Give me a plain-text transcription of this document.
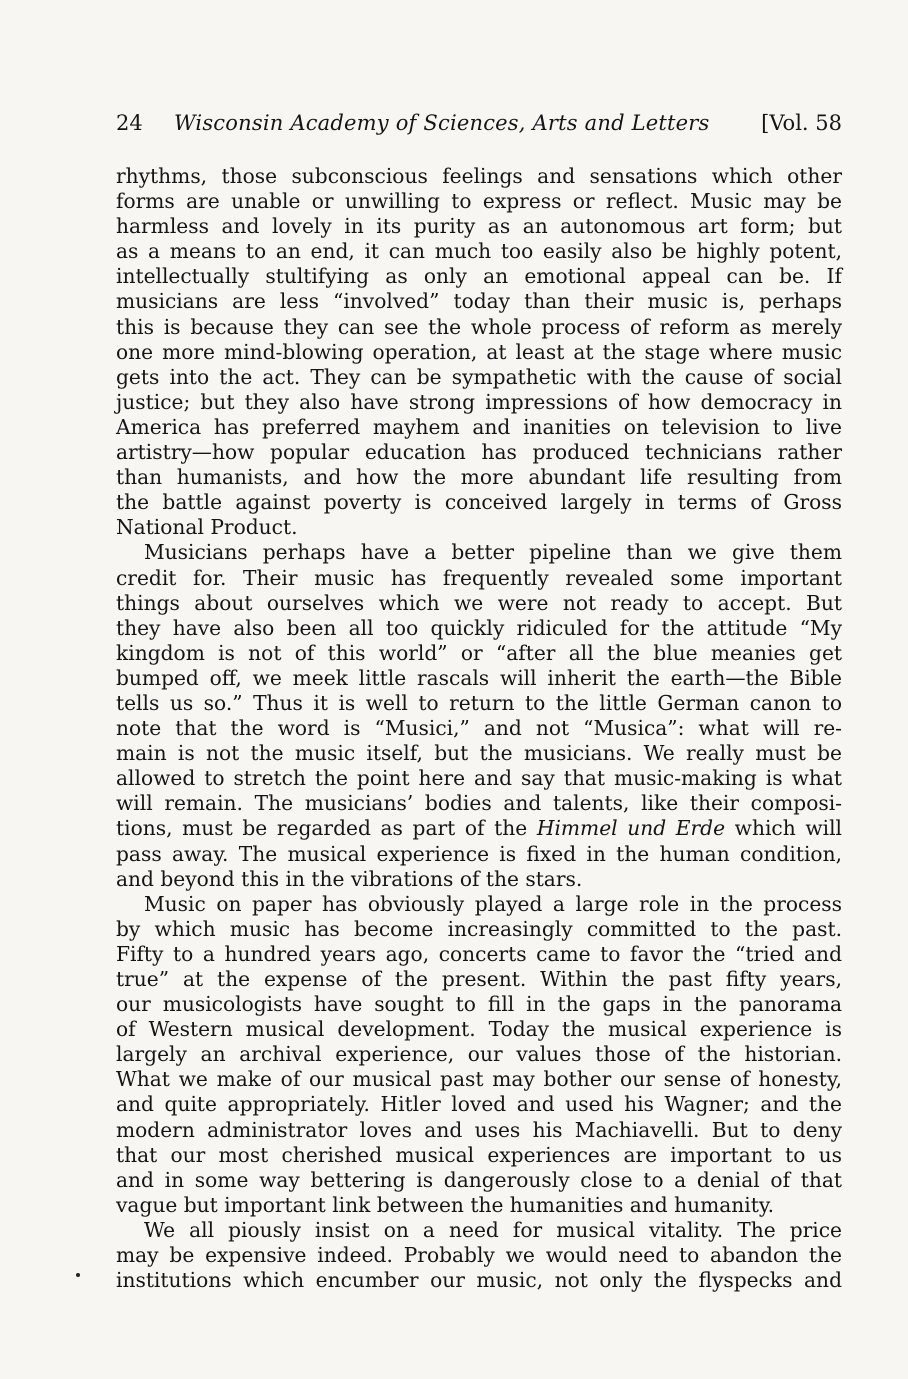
24	Wisconsin Academy of Sciences, Arts and Letters	[Vol. 58
rhythms, those subconscious feelings and sensations which other
forms are unable or unwilling to express or reflect. Music may be
harmless and lovely in its purity as an autonomous art form; but
as a means to an end, it can much too easily also be highly potent,
intellectually stultifying as only an emotional appeal can be. If
musicians are less “involved” today than their music is, perhaps
this is because they can see the whole process of reform as merely
one more mind-blowing operation, at least at the stage where music
gets into the act. They can be sympathetic with the cause of social
justice; but they also have strong impressions of how democracy in
America has preferred mayhem and inanities on television to live
artistry—how popular education has produced technicians rather
than humanists, and how the more abundant life resulting from
the battle against poverty is conceived largely in terms of Gross
National Product.
Musicians perhaps have a better pipeline than we give them
credit for. Their music has frequently revealed some important
things about ourselves which we were not ready to accept. But
they have also been all too quickly ridiculed for the attitude “My
kingdom is not of this world” or “after all the blue meanies get
bumped off, we meek little rascals will inherit the earth—the Bible
tells us so.” Thus it is well to return to the little German canon to
note that the word is “Musici,” and not “Musica”: what will re-
main is not the music itself, but the musicians. We really must be
allowed to stretch the point here and say that music-making is what
will remain. The musicians’ bodies and talents, like their composi-
tions, must be regarded as part of the Himmel und Erde which will
pass away. The musical experience is fixed in the human condition,
and beyond this in the vibrations of the stars.
Music on paper has obviously played a large role in the process
by which music has become increasingly committed to the past.
Fifty to a hundred years ago, concerts came to favor the “tried and
true” at the expense of the present. Within the past fifty years,
our musicologists have sought to fill in the gaps in the panorama
of Western musical development. Today the musical experience is
largely an archival experience, our values those of the historian.
What we make of our musical past may bother our sense of honesty,
and quite appropriately. Hitler loved and used his Wagner; and the
modern administrator loves and uses his Machiavelli. But to deny
that our most cherished musical experiences are important to us
and in some way bettering is dangerously close to a denial of that
vague but important link between the humanities and humanity.
We all piously insist on a need for musical vitality. The price
may be expensive indeed. Probably we would need to abandon the
institutions which encumber our music, not only the flyspecks and
